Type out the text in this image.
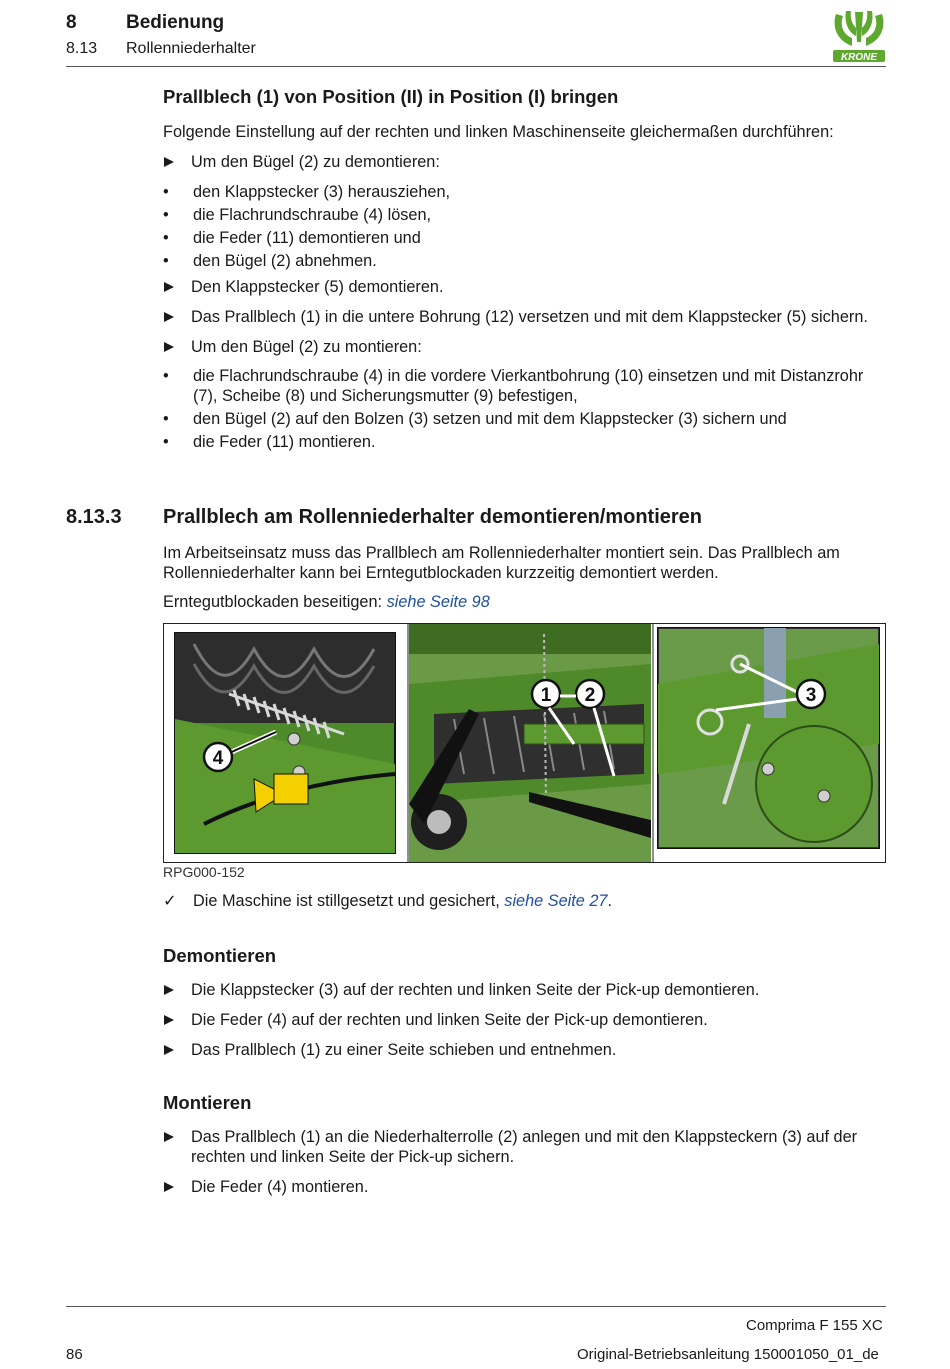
8	Bedienung
8.13 Rollenniederhalter
KRONE
Prallblech (1) von Position (II) in Position (I) bringen

Folgende Einstellung auf der rechten und linken Maschinenseite gleichermaßen durchführen:

Um den Bügel (2) zu demontieren:
• den Klappstecker (3) herausziehen,
• die Flachrundschraube (4) lösen,
• die Feder (11) demontieren und
• den Bügel (2) abnehmen.
Den Klappstecker (5) demontieren.
Das Prallblech (1) in die untere Bohrung (12) versetzen und mit dem Klappstecker (5) sichern.
Um den Bügel (2) zu montieren:
• die Flachrundschraube (4) in die vordere Vierkantbohrung (10) einsetzen und mit Distanzrohr (7), Scheibe (8) und Sicherungsmutter (9) befestigen,
• den Bügel (2) auf den Bolzen (3) setzen und mit dem Klappstecker (3) sichern und
• die Feder (11) montieren.
8.13.3 Prallblech am Rollenniederhalter demontieren/montieren

Im Arbeitseinsatz muss das Prallblech am Rollenniederhalter montiert sein. Das Prallblech am Rollenniederhalter kann bei Erntegutblockaden kurzzeitig demontiert werden.

Erntegutblockaden beseitigen: siehe Seite 98

4
1 2	3
RPG000-152
✓ Die Maschine ist stillgesetzt und gesichert, siehe Seite 27.
Demontieren
Die Klappstecker (3) auf der rechten und linken Seite der Pick-up demontieren.
Die Feder (4) auf der rechten und linken Seite der Pick-up demontieren.
Das Prallblech (1) zu einer Seite schieben und entnehmen.
Montieren
Das Prallblech (1) an die Niederhalterrolle (2) anlegen und mit den Klappsteckern (3) auf der rechten und linken Seite der Pick-up sichern.
Die Feder (4) montieren.
Comprima F 155 XC
86	Original-Betriebsanleitung 150001050_01_de
